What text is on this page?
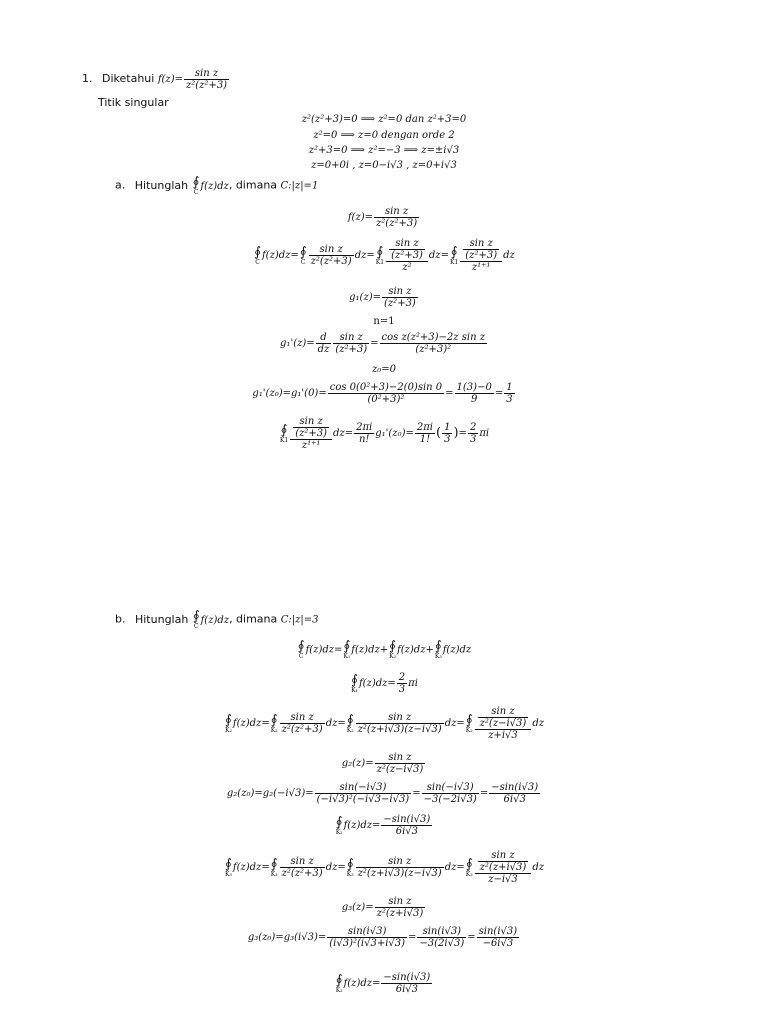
1. Diketahui $f(z)= \frac{\text{sin z}}{\text{z²(z²+3)}}$
Titik singular
z²(z²+3)=0 ⟹ z²=0 dan z²+3=0
z²=0 ⟹ z=0 dengan orde 2
z²+3=0 ⟹ z²=−3 ⟹ z=±i√3
z=0+0i , z=0−i√3 , z=0+i√3
a. Hitunglah ∮
C
f(z)dz, dimana C:|z|=1
$f(z)= \frac{\text{sin z}}{\text{z²(z²+3)}}$
∮
C
f(z)dz= ∮
C $\frac{\text{sin z}}{\text{z²(z²+3)}} dz=$ ∮
$K1 \frac{\frac{\text{sin z}}{\text{(z²+3)}}}{\text{z²}} dz=$ ∮
$K1 \frac{\frac{\text{sin z}}{\text{(z²+3)}}}{\text{z¹⁺¹}}$ dz
$g_1(z)= \frac{\text{sin z}}{\text{(z²+3)}}$
n=1
$g_1'(z)= \frac{d}{dz} \frac{\text{sin z}}{\text{(z²+3)}} = \frac{\text{cos z(z²+3)−2z sin z}}{\text{(z²+3)²}}$
z₀=0
$g_1'(z_0)=g_1'(0)= \frac{\text{cos 0(0²+3)−2(0)sin 0}}{\text{(0²+3)²}} = \frac{1(3)-0}{9} = \frac{1}{3}$
∮
$K1 \frac{\frac{\text{sin z}}{\text{(z²+3)}}}{\text{z¹⁺¹}} dz= \frac{2\pi i}{n!} g_1'(z_0)= \frac{2\pi i}{1!}$ ( $\frac{1}{3}$ )= $\frac{2}{3}$ πi
b. Hitunglah ∮
C
f(z)dz, dimana C:|z|=3
∮
C
f(z)dz= ∮
K₁
f(z)dz+ ∮
K₂
f(z)dz+ ∮
K₃
f(z)dz
∮
K₁
$f(z)dz= \frac{2}{3}$ πi
∮
K₂
f(z)dz= ∮
$K_2 \frac{\text{sin z}}{\text{z²(z²+3)}} dz=$ ∮
$K_2 \frac{\text{sin z}}{\text{z²(z+i√3)(z−i√3)}} dz=$ ∮
$K_2 \frac{\frac{\text{sin z}}{\text{z²(z−i√3)}}}{z+i√3}$ dz
$g_2(z)= \frac{\text{sin z}}{\text{z²(z−i√3)}}$
$g_2(z_0)=g_2(-i√3)= \frac{\sin(-i√3)}{\text{(−i√3)²(−i√3−i√3)}} = \frac{\sin(-i√3)}{-3(-2i√3)} = \frac{-\sin(i√3)}{6i√3}$
∮
K₂
$f(z)dz= \frac{-\sin(i√3)}{6i√3}$
∮
K₃
f(z)dz= ∮
$K_3 \frac{\text{sin z}}{\text{z²(z²+3)}} dz=$ ∮
$K_3 \frac{\text{sin z}}{\text{z²(z+i√3)(z−i√3)}} dz=$ ∮
$K_3 \frac{\frac{\text{sin z}}{\text{z²(z+i√3)}}}{z-i√3}$ dz
$g_3(z)= \frac{\text{sin z}}{\text{z²(z+i√3)}}$
$g_3(z_0)=g_3(i√3)= \frac{\sin(i√3)}{\text{(i√3)²(i√3+i√3)}} = \frac{\sin(i√3)}{-3(2i√3)} = \frac{\sin(i√3)}{-6i√3}$
∮
K₃
$f(z)dz= \frac{-\sin(i√3)}{6i√3}$
